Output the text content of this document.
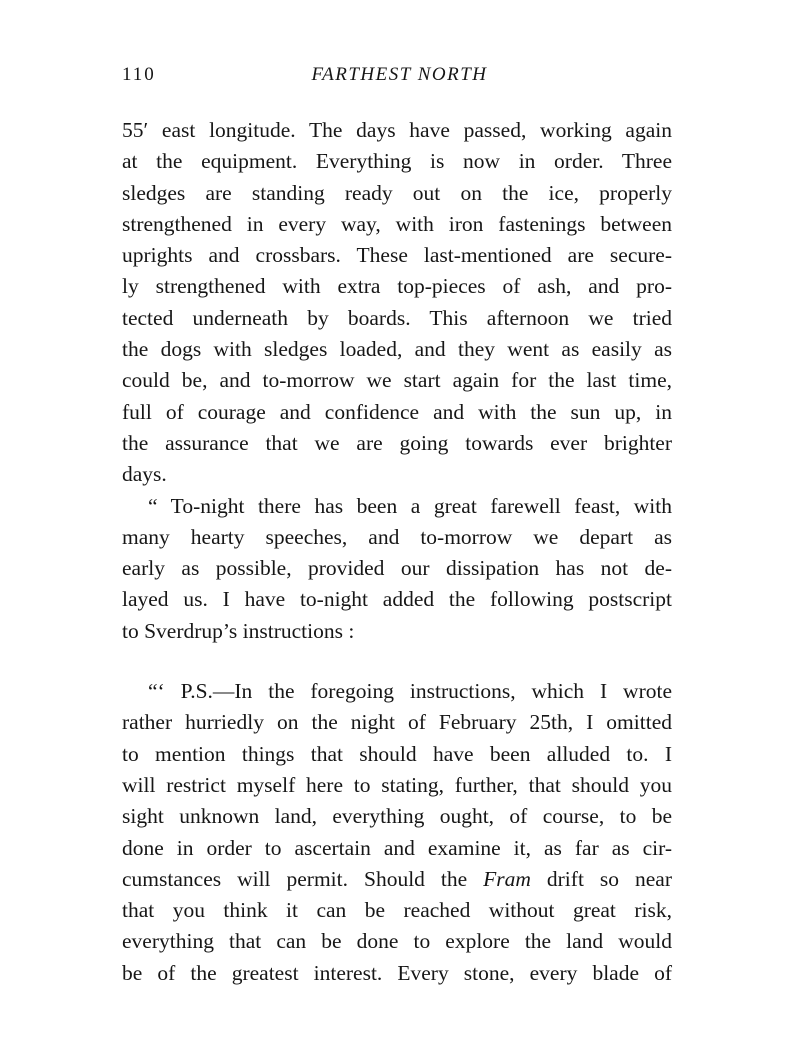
110	FARTHEST NORTH
55′ east longitude. The days have passed, working again
at the equipment. Everything is now in order. Three
sledges are standing ready out on the ice, properly
strengthened in every way, with iron fastenings between
uprights and crossbars. These last-mentioned are secure-
ly strengthened with extra top-pieces of ash, and pro-
tected underneath by boards. This afternoon we tried
the dogs with sledges loaded, and they went as easily as
could be, and to-morrow we start again for the last time,
full of courage and confidence and with the sun up, in
the assurance that we are going towards ever brighter
days.
“ To-night there has been a great farewell feast, with
many hearty speeches, and to-morrow we depart as
early as possible, provided our dissipation has not de-
layed us. I have to-night added the following postscript
to Sverdrup’s instructions :
“‘ P.S.—In the foregoing instructions, which I wrote
rather hurriedly on the night of February 25th, I omitted
to mention things that should have been alluded to. I
will restrict myself here to stating, further, that should you
sight unknown land, everything ought, of course, to be
done in order to ascertain and examine it, as far as cir-
cumstances will permit. Should the Fram drift so near
that you think it can be reached without great risk,
everything that can be done to explore the land would
be of the greatest interest. Every stone, every blade of
